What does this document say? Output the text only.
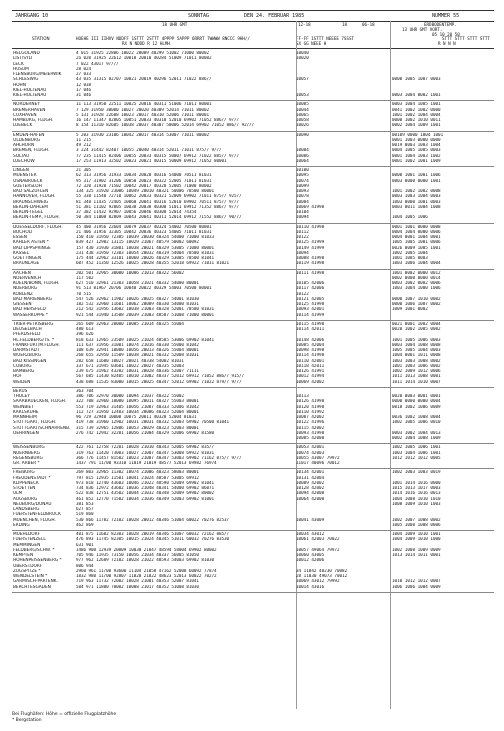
JAHRGANG 10	SONNTAG	DEN 24. FEBRUAR 1985	NUMMER 55
18 UHR GMT	12-18	18	06-18	ERDBODENTEMP.
13 UHR GMT VORT.
05 10 20 50
STATION	HOEHE III IIHVV NDDFF 1STTT 2STTT 4PPPP 5APPP 6RRRT 7WWWW 8NCCC 9HH//
RX N NDDD R 12 HLMH
FF-FF 1STTT NEEEE 7SSST
SX GG NEEE H
STTT STTT STTT STTT
R N N N
HELGOLAND	4 015 31925 22806 10022 20009 40299 51002 71000 80002	10040
LIST/SYLT	2a 020 31925 22612 10018 20010 40284 51009 71011 80002	10020
LECK	7 022 43017 9////
HUSUM	28 024
FLENSBURG/MEIERWIK	27 033
SCHLESWIG	43 035 31315 82707 10021 20019 40296 52011 71022 886//	10057	0000 1005 1007 0003
HOHN	12 038
KIEL-HOLTENAU	17 046
KIEL-HOLTENAU	31 046	10053	0003 1004 0002 1001
NORDERNEY	11 113 31950 22511 10025 20016 40311 51006 71011 80001	10085	0003 1004 1005 1001
BREMERHAVEN	7 129 31950 30000 10027 20020 40309 52014 71011 80002	10044	0041 1002 1002 0000
CUXHAVEN	5 131 31928 22608 10023 20017 40310 52006 71011 80001	10065	1001 1002 1004 0004
HAMBURG, FLUGH.	16 147 11347 82805 10051 20033 40310 52010 69902 71052 886// 9///	10058	0000 1002 1010 0011
LUEBECK	8 154 11310 82605 10038 20037 40307 50006 52014 69902 71052 886// 92///	10026	0002 1004 1009 1001
EMDEN-HAFEN	5 203 31930 23106 10042 20017 40314 53007 71011 80002	10090	00109 0000 1004 1001
OLDENBURG	11 215	0001 1003 0000 0000
AHLHORN	49 212	0019 0003 1003 1004
BREMEN, FLUGH.	3 224 31442 82407 10055 20040 40314 52011 71011 875// 9///	10084	0004 1005 1005 0003
SOLTAU	77 235 11415 82406 10055 20033 40315 50007 69912 71022 885// 9///	10086	0001 1004 1003 1002
LUECHOW	17 253 11913 32502 10023 20021 40315 50009 69912 71052 80001	10064	0001 1002 1001 1009
LINGEN	21 305	10100
MUENSTER	62 313 31956 31933 10034 20020 40316 54000 70511 81031	10095	0000 1001 1001 1006
OSNABRUECK	95 317 31902 31206 10050 20023 40322 52005 71011 81031	10074	0003 0000 0000 1001
GUETERSLOH	72 320 31920 71502 10042 20017 40328 52005 71000 80002	10099
BAD SALZUFLEN	134 325 31920 23006 10049 20010 40321 50006 70500 80001	10093	1001 1002 1002 0008
HANNOVER, FLUGH.	55 338 11540 72710 10062 20033 40321 52009 69902 71011 875// 925//	10078	0003 1003 1004 0003
BRAUNSCHWEIG	81 348 11435 72405 10060 20041 40316 52010 69902 70511 875// 9///	10084	1003 0000 1001 0003
BERLIN-DAHLEM	51 381 11102 92805 10038 20038 40300 51011 69912 71352 886// 9///	10069 41998	0003 0011 1004 1008
BERLIN-TEGEL	37 382 11432 92907 10056 20046 40308 52014 74354	10104
BERLIN-TEMP., FLUGH.	50 384 11008 82809 10043 20041 40311 52014 69912 71552 886// 90///	10094	1004 1005 1006
DUESSELDORF, FLUGH.	45 400 31956 22604 10079 20037 40324 54002 70500 80001	10110 41998	0001 1001 0000 0008
BOCHOLT	21 406 31956 32305 10042 20036 40323 54005 71011 81031	10112	0004 1004 0000 0006
ESSEN	150 410 31950 72305 10039 20030 40324 54000 71000 81033	10122	0004 0001 1004 0001
KAHLER ASTEN *	839 427 12982 13115 10029 21067 48579 50002 60092	10125 41999	1005 1005 1001 0006
BAD LIPPSPRINGE	157 430 31930 31801 10038 20021 40329 53005 71000 80001	10149 41999	0026 0009 1005 1001
KASSEL	231 438 31950 72303 10054 20032 40319 54004 70500 81031	10094	1002 1005 1004
GOETTINGEN	175 444 32962 33101 10060 20026 40329 53005 70500 81041	10088 41998	1001 1005 0003
BRAUNLAGE	607 452 11350 12526 10025 20028 40355 52018 69922 71011 81021	10119 41998	1003 1006 1004 0004
AACHEN	202 501 32965 30000 10086 21013 40322 56002	10111 41998	1001 0002 0000 0012
NOERVENICH	117 502	0002 0000 0000 0014
KOELN/BONN, FLUGH.	627 510 32961 21303 10058 21021 40332 54000 80001	10105 42006	0003 1002 0002 0006
NUERBURG	91 513 81967 20706 10040 20022 40329 54003 70500 80001	10117 42006	1003 1004 1000 1006
KOBLENZ	70 515	10122
BAD MARIENBERG	547 526 32962 11902 10026 20025 40327 54001 81030	10121 42005	0000 1007 1010 0002
GIESSEN	182 532 32960 11601 10062 20009 40330 54000 81031	10125 41998	0000 1006 1007 0002
BAD HERSFELD	212 542 31956 13602 10038 21003 40328 52001 70500 81031	10093 42001	1009 1001 0002
WASSERKUPPE *	921 544 31940 13508 20039 21003 48587 51008 71000 80001	10114 41999
TRIER-PETRISBERG	265 609 32963 20000 10085 21014 40325 55004	10115 41998	0021 0001 1002 0004
DEUSELBACH	480 613	10114 42011	0020 1002 1005 0002
PFERDSFELD	396 626
HL.FELDBERG/TS. *	818 633 12965 23509 10025 21024 48585 53006 69902 81041	10148 42006	1001 1005 1006 0003
FRANKFURT/M.FLUGH.	111 637 31956 31001 10074 21016 40330 55000 81042	10085 42004	0003 1004 1008 0008
DARMSTADT	108 639 32941 10000 10056 20013 40326 55004 80001	10098 41998	1005 1005 1004 0003
WUERZBURG	268 655 32950 11509 10038 20021 40332 52008 81031	10114 41998	1004 0001 1011 0008
BAD KISSINGEN	282 658 11600 10027 20021 40338 54002 81031	10110 42001	1003 1003 1008 0002
COBURG	337 671 31945 03601 10022 20027 40335 52003	10118 42011	1001 1003 1006 0002
BAMBERG	239 675 31962 43202 10031 20028 40336 52007 71111	10126 41991	1002 1009 1012 0006
HOF	567 685 11430 82405 10010 21002 40337 52012 69912 71052 886// 915//	10012 41994	1011 1013 1008 0001
WEIDEN	438 688 11535 83000 10015 20025 40347 52012 69902 71022 879// 9///	10069 42002	1011 1014 1010 0007
BERUS	363 704
THOLEY	386 706 32970 30000 10094 21037 40322 55002	10113	0020 0003 0001 0001
SAARBRUECKEN, FLUGH.	322 708 32960 10000 10095 20011 40327 55003 80001	10126 41998	0000 0000 0000 0004
WEINBIET	553 719 32963 31405 10056 21007 40333 52006 81042	10120 41998	0018 1002 1006 0009
KARLSRUHE	112 727 31950 12403 10034 20006 40323 52004 80001	10110 41992
MANNHEIM	96 729 32940 10000 10075 20011 40328 52004 81031	10087 42002	0036 1002 1008 0004
STUTTGART, FLUGH.	419 738 31960 12902 10031 20031 40332 52003 69902 70500 81041	10122 41996	1002 1005 1006 0010
STUTTGART/SCHNARRENB.	315 739 32965 12806 10053 20029 40323 52003 80001	10115 42002
OEHRINGEN	276 742 12942 32201 10056 21004 40329 52006 69902 81580	10093 41998	0003 1002 1004 0013
10085 42000	0002 1004 1008 1009
WEISSENBURG	422 761 12758 72201 10028 21010 40343 52005 69902 835//	10053 42001	1002 1005 1006 1001
NUERNBERG	319 763 11420 73003 10027 21007 40347 53008 69922 81031	10074 42003	1003 1004 1006 1001
REGENSBURG	366 776 11457 81502 10023 21007 40347 53003 69902 71162 875// 9///	10055 43007 79972	1012 1012 1012 0005
GR. ARBER *	1437 791 11/00 93310 11019 21019 48577 52013 69982 76974	11017 40096 70012
FREIBURG	269 803 32965 11302 10074 21006 40323 58003 80001	10134 42001	1002 1003 1003 0019
FREUDENSTADT *	797 815 12935 11501 10041 21024 48587 53005 69912	10131 42004
KLIPPENECK	973 818 12740 43603 10046 21022 48590 52009 69902 81041	10089 42002	1001 1014 1016 0000
STOETTEN	734 836 12972 43602 10036 21048 40341 54000 69902 86071	10128 42002	1015 1013 1017 0003
ULM	522 838 12751 43502 10044 21032 40348 52009 69902 80002	10094 42000	1014 1016 1016 0013
AUGSBURG	461 852 12770 71502 10034 21036 40349 52003 69902 81001	10064 42000	1004 1008 1010 1010
NEUBURG/DONAU	381 853	1008 1009 1010 1003
LANDSBERG	627 857
FUERSTENFELDBRUCK	519 860
MUENCHEN, FLUGH.	530 866 11782 72102 10028 20012 40346 51004 60022 70276 8253/	10041 43009	1002 1007 1008 0002
ERDING	462 869	1005 1008 1008 0006
MUEHLDORF	401 875 11682 82303 10028 20019 40346 51007 60032 72162 885//	10034 43012	1004 1009 1010 1001
FUERSTENZELL	476 893 11745 82305 10015 21024 40345 51011 60032 70276 83530	10061 42003 70022	1004 1009 1010 1000
MEMMINGEN	631 901
FELDBERG/SCHW. *	1486 908 12939 20809 10030 21047 48594 58004 69902 80002	10057 49064 79972	1002 1008 1009 0009
KEMPTEN	705 946 11935 73150 10056 21034 40337 56005 81050	10060 43005	1013 1014 1011 0001
HOHENPEISSENBERG *	977 962 12689 72102 10028 21022 48593 54003 69902 81030	10012 42006
OBERSTDORF	806 944
ZUGSPITZE *	2960 961 11/00 93600 11104 21058 47162 52008 60092 77874	34 11042 48230 70082
WENDELSTEIN *	1832 980 11/00 92807 11020 21022 48623 52013 60022 70272	28 11030 49073 70012
GARMISCH-PARTENK.	719 963 11732 72002 10028 21001 40353 52007 81041	10069 43012 79992	1010 1012 1012 0007
BERCHTESGADEN	584 971 11800 70002 10008 21017 40352 51008 81030	10014 43016	1006 1006 1004 0009
Bei Flughäfen: Höhe = offizielle Flugplatzhöhe
* Bergstation
